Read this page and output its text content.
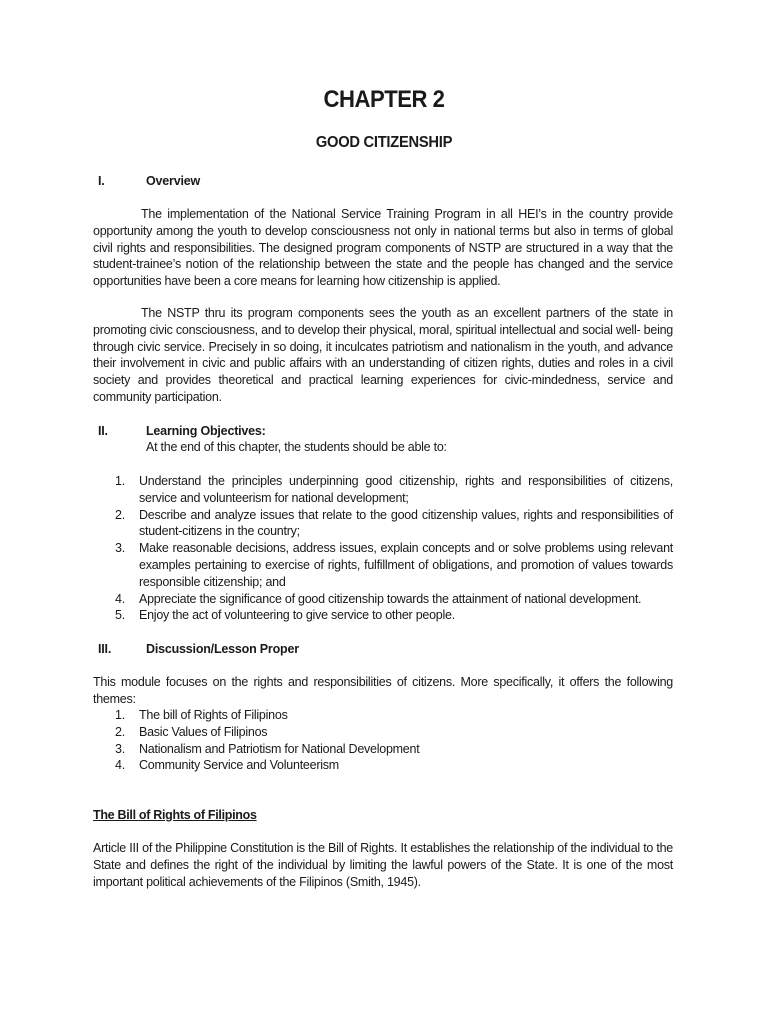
CHAPTER 2
GOOD CITIZENSHIP
I.	Overview
The implementation of the National Service Training Program in all HEI’s in the country provide opportunity among the youth to develop consciousness not only in national terms but also in terms of global civil rights and responsibilities. The designed program components of NSTP are structured in a way that the student-trainee’s notion of the relationship between the state and the people has changed and the service opportunities have been a core means for learning how citizenship is applied.
The NSTP thru its program components sees the youth as an excellent partners of the state in promoting civic consciousness, and to develop their physical, moral, spiritual intellectual and social well- being through civic service. Precisely in so doing, it inculcates patriotism and nationalism in the youth, and advance their involvement in civic and public affairs with an understanding of citizen rights, duties and roles in a civil society and provides theoretical and practical learning experiences for civic-mindedness, service and community participation.
II.	Learning Objectives:
At the end of this chapter, the students should be able to:
1.	Understand the principles underpinning good citizenship, rights and responsibilities of citizens, service and volunteerism for national development;
2.	Describe and analyze issues that relate to the good citizenship values, rights and responsibilities of student-citizens in the country;
3.	Make reasonable decisions, address issues, explain concepts and or solve problems using relevant examples pertaining to exercise of rights, fulfillment of obligations, and promotion of values towards responsible citizenship; and
4.	Appreciate the significance of good citizenship towards the attainment of national development.
5.	Enjoy the act of volunteering to give service to other people.
III.	Discussion/Lesson Proper
This module focuses on the rights and responsibilities of citizens. More specifically, it offers the following themes:
1.	The bill of Rights of Filipinos
2.	Basic Values of Filipinos
3.	Nationalism and Patriotism for National Development
4.	Community Service and Volunteerism
The Bill of Rights of Filipinos
Article III of the Philippine Constitution is the Bill of Rights. It establishes the relationship of the individual to the State and defines the right of the individual by limiting the lawful powers of the State. It is one of the most important political achievements of the Filipinos (Smith, 1945).
